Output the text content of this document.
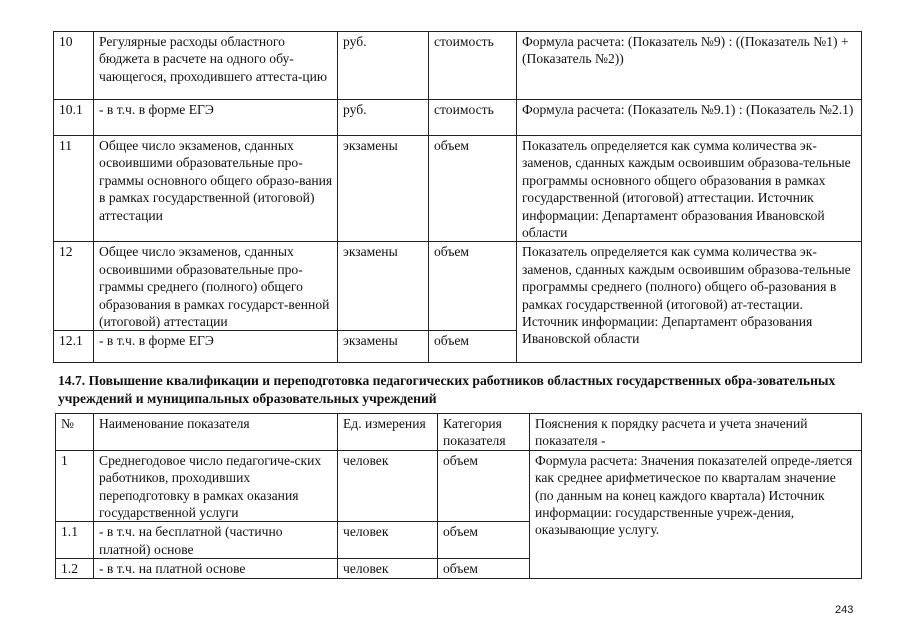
10	Регулярные расходы областного бюджета в расчете на одного обу-чающегося, проходившего аттеста-цию	руб.	стоимость	Формула расчета: (Показатель №9) : ((Показатель №1) + (Показатель №2))
10.1	- в т.ч. в форме ЕГЭ	руб.	стоимость	Формула расчета: (Показатель №9.1) : (Показатель №2.1)
11	Общее число экзаменов, сданных освоившими образовательные про-граммы основного общего образо-вания в рамках государственной (итоговой) аттестации	экзамены	объем	Показатель определяется как сумма количества эк-заменов, сданных каждым освоившим образова-тельные программы основного общего образования в рамках государственной (итоговой) аттестации. Источник информации: Департамент образования Ивановской области
12	Общее число экзаменов, сданных освоившими образовательные про-граммы среднего (полного) общего образования в рамках государст-венной (итоговой) аттестации	экзамены	объем	Показатель определяется как сумма количества эк-заменов, сданных каждым освоившим образова-тельные программы среднего (полного) общего об-разования в рамках государственной (итоговой) ат-тестации. Источник информации: Департамент образования Ивановской области
12.1	- в т.ч. в форме ЕГЭ	экзамены	объем	
14.7. Повышение квалификации и переподготовка педагогических работников областных государственных обра-зовательных учреждений и муниципальных образовательных учреждений
№	Наименование показателя	Ед. измерения	Категория показателя	Пояснения к порядку расчета и учета значений показателя -
1	Среднегодовое число педагогиче-ских работников, проходивших переподготовку в рамках оказания государственной услуги	человек	объем	Формула расчета: Значения показателей опреде-ляется как среднее арифметическое по кварталам значение (по данным на конец каждого квартала) Источник информации: государственные учреж-дения, оказывающие услугу.
1.1	- в т.ч. на бесплатной (частично платной) основе	человек	объем	
1.2	- в т.ч. на платной основе	человек	объем	
243
